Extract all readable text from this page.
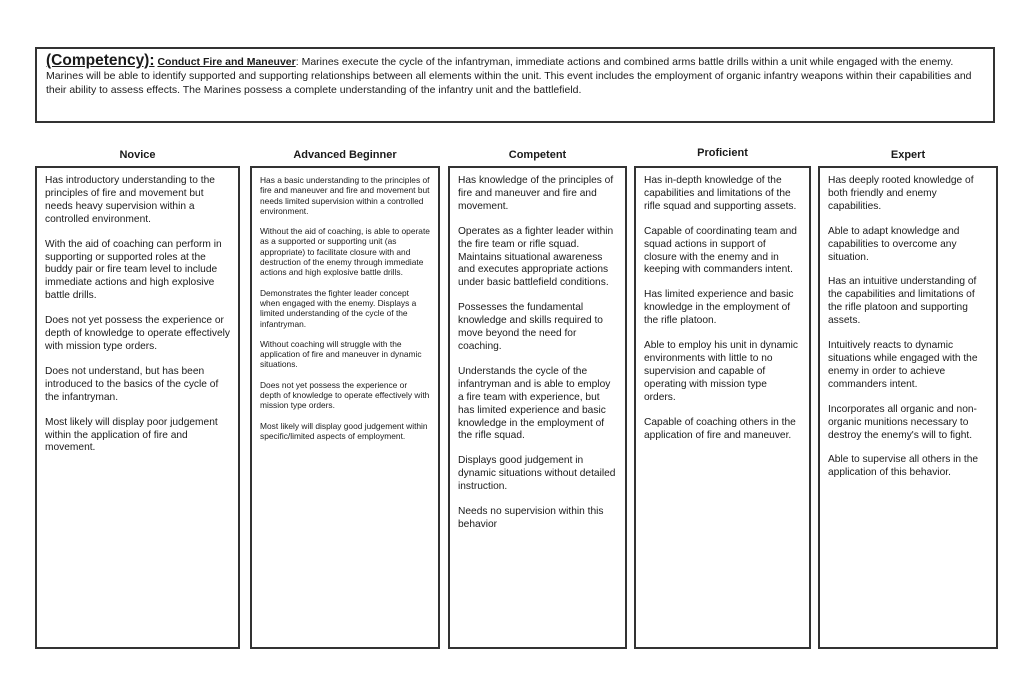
(Competency): Conduct Fire and Maneuver: Marines execute the cycle of the infantryman, immediate actions and combined arms battle drills within a unit while engaged with the enemy. Marines will be able to identify supported and supporting relationships between all elements within the unit. This event includes the employment of organic infantry weapons within their capabilities and their ability to assess effects. The Marines possess a complete understanding of the infantry unit and the battlefield.
Novice

Has introductory understanding to the principles of fire and movement but needs heavy supervision within a controlled environment.

With the aid of coaching can perform in supporting or supported roles at the buddy pair or fire team level to include immediate actions and high explosive battle drills.

Does not yet possess the experience or depth of knowledge to operate effectively with mission type orders.

Does not understand, but has been introduced to the basics of the cycle of the infantryman.

Most likely will display poor judgement within the application of fire and movement.

Advanced Beginner

Has a basic understanding to the principles of fire and maneuver and fire and movement but needs limited supervision within a controlled environment.

Without the aid of coaching, is able to operate as a supported or supporting unit (as appropriate) to facilitate closure with and destruction of the enemy through immediate actions and high explosive battle drills.

Demonstrates the fighter leader concept when engaged with the enemy. Displays a limited understanding of the cycle of the infantryman.

Without coaching will struggle with the application of fire and maneuver in dynamic situations.

Does not yet possess the experience or depth of knowledge to operate effectively with mission type orders.

Most likely will display good judgement within specific/limited aspects of employment.

Competent

Has knowledge of the principles of fire and maneuver and fire and movement.

Operates as a fighter leader within the fire team or rifle squad. Maintains situational awareness and executes appropriate actions under basic battlefield conditions.

Possesses the fundamental knowledge and skills required to move beyond the need for coaching.

Understands the cycle of the infantryman and is able to employ a fire team with experience, but has limited experience and basic knowledge in the employment of the rifle squad.

Displays good judgement in dynamic situations without detailed instruction.

Needs no supervision within this behavior

Proficient

Has in-depth knowledge of the capabilities and limitations of the rifle squad and supporting assets.

Capable of coordinating team and squad actions in support of closure with the enemy and in keeping with commanders intent.

Has limited experience and basic knowledge in the employment of the rifle platoon.

Able to employ his unit in dynamic environments with little to no supervision and capable of operating with mission type orders.

Capable of coaching others in the application of fire and maneuver.

Expert

Has deeply rooted knowledge of both friendly and enemy capabilities.

Able to adapt knowledge and capabilities to overcome any situation.

Has an intuitive understanding of the capabilities and limitations of the rifle platoon and supporting assets.

Intuitively reacts to dynamic situations while engaged with the enemy in order to achieve commanders intent.

Incorporates all organic and non-organic munitions necessary to destroy the enemy's will to fight.

Able to supervise all others in the application of this behavior.
